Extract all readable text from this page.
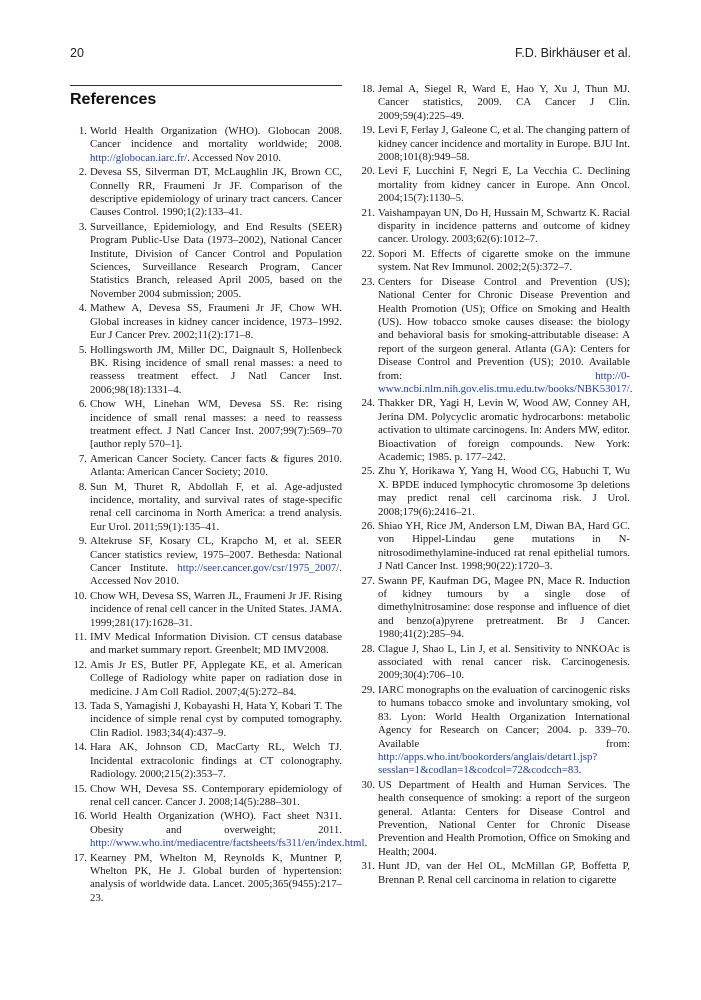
20	F.D. Birkhäuser et al.
References
1. World Health Organization (WHO). Globocan 2008. Cancer incidence and mortality worldwide; 2008. http://globocan.iarc.fr/. Accessed Nov 2010.
2. Devesa SS, Silverman DT, McLaughlin JK, Brown CC, Connelly RR, Fraumeni Jr JF. Comparison of the descriptive epidemiology of urinary tract cancers. Cancer Causes Control. 1990;1(2):133–41.
3. Surveillance, Epidemiology, and End Results (SEER) Program Public-Use Data (1973–2002), National Cancer Institute, Division of Cancer Control and Population Sciences, Surveillance Research Program, Cancer Statistics Branch, released April 2005, based on the November 2004 submission; 2005.
4. Mathew A, Devesa SS, Fraumeni Jr JF, Chow WH. Global increases in kidney cancer incidence, 1973–1992. Eur J Cancer Prev. 2002;11(2):171–8.
5. Hollingsworth JM, Miller DC, Daignault S, Hollenbeck BK. Rising incidence of small renal masses: a need to reassess treatment effect. J Natl Cancer Inst. 2006;98(18):1331–4.
6. Chow WH, Linehan WM, Devesa SS. Re: rising incidence of small renal masses: a need to reassess treatment effect. J Natl Cancer Inst. 2007;99(7):569–70 [author reply 570–1].
7. American Cancer Society. Cancer facts & figures 2010. Atlanta: American Cancer Society; 2010.
8. Sun M, Thuret R, Abdollah F, et al. Age-adjusted incidence, mortality, and survival rates of stage-specific renal cell carcinoma in North America: a trend analysis. Eur Urol. 2011;59(1):135–41.
9. Altekruse SF, Kosary CL, Krapcho M, et al. SEER Cancer statistics review, 1975–2007. Bethesda: National Cancer Institute. http://seer.cancer.gov/csr/1975_2007/. Accessed Nov 2010.
10. Chow WH, Devesa SS, Warren JL, Fraumeni Jr JF. Rising incidence of renal cell cancer in the United States. JAMA. 1999;281(17):1628–31.
11. IMV Medical Information Division. CT census database and market summary report. Greenbelt; MD IMV2008.
12. Amis Jr ES, Butler PF, Applegate KE, et al. American College of Radiology white paper on radiation dose in medicine. J Am Coll Radiol. 2007;4(5):272–84.
13. Tada S, Yamagishi J, Kobayashi H, Hata Y, Kobari T. The incidence of simple renal cyst by computed tomography. Clin Radiol. 1983;34(4):437–9.
14. Hara AK, Johnson CD, MacCarty RL, Welch TJ. Incidental extracolonic findings at CT colonography. Radiology. 2000;215(2):353–7.
15. Chow WH, Devesa SS. Contemporary epidemiology of renal cell cancer. Cancer J. 2008;14(5):288–301.
16. World Health Organization (WHO). Fact sheet N311. Obesity and overweight; 2011. http://www.who.int/mediacentre/factsheets/fs311/en/index.html.
17. Kearney PM, Whelton M, Reynolds K, Muntner P, Whelton PK, He J. Global burden of hypertension: analysis of worldwide data. Lancet. 2005;365(9455):217–23.
18. Jemal A, Siegel R, Ward E, Hao Y, Xu J, Thun MJ. Cancer statistics, 2009. CA Cancer J Clin. 2009;59(4):225–49.
19. Levi F, Ferlay J, Galeone C, et al. The changing pattern of kidney cancer incidence and mortality in Europe. BJU Int. 2008;101(8):949–58.
20. Levi F, Lucchini F, Negri E, La Vecchia C. Declining mortality from kidney cancer in Europe. Ann Oncol. 2004;15(7):1130–5.
21. Vaishampayan UN, Do H, Hussain M, Schwartz K. Racial disparity in incidence patterns and outcome of kidney cancer. Urology. 2003;62(6):1012–7.
22. Sopori M. Effects of cigarette smoke on the immune system. Nat Rev Immunol. 2002;2(5):372–7.
23. Centers for Disease Control and Prevention (US); National Center for Chronic Disease Prevention and Health Promotion (US); Office on Smoking and Health (US). How tobacco smoke causes disease: the biology and behavioral basis for smoking-attributable disease: A report of the surgeon general. Atlanta (GA): Centers for Disease Control and Prevention (US); 2010. Available from: http://0-www.ncbi.nlm.nih.gov.elis.tmu.edu.tw/books/NBK53017/.
24. Thakker DR, Yagi H, Levin W, Wood AW, Conney AH, Jerina DM. Polycyclic aromatic hydrocarbons: metabolic activation to ultimate carcinogens. In: Anders MW, editor. Bioactivation of foreign compounds. New York: Academic; 1985. p. 177–242.
25. Zhu Y, Horikawa Y, Yang H, Wood CG, Habuchi T, Wu X. BPDE induced lymphocytic chromosome 3p deletions may predict renal cell carcinoma risk. J Urol. 2008;179(6):2416–21.
26. Shiao YH, Rice JM, Anderson LM, Diwan BA, Hard GC. von Hippel-Lindau gene mutations in N-nitrosodimethylamine-induced rat renal epithelial tumors. J Natl Cancer Inst. 1998;90(22):1720–3.
27. Swann PF, Kaufman DG, Magee PN, Mace R. Induction of kidney tumours by a single dose of dimethylnitrosamine: dose response and influence of diet and benzo(a)pyrene pretreatment. Br J Cancer. 1980;41(2):285–94.
28. Clague J, Shao L, Lin J, et al. Sensitivity to NNKOAc is associated with renal cancer risk. Carcinogenesis. 2009;30(4):706–10.
29. IARC monographs on the evaluation of carcinogenic risks to humans tobacco smoke and involuntary smoking, vol 83. Lyon: World Health Organization International Agency for Research on Cancer; 2004. p. 339–70. Available from: http://apps.who.int/bookorders/anglais/detart1.jsp?sesslan=1&codlan=1&codcol=72&codcch=83.
30. US Department of Health and Human Services. The health consequence of smoking: a report of the surgeon general. Atlanta: Centers for Disease Control and Prevention, National Center for Chronic Disease Prevention and Health Promotion, Office on Smoking and Health; 2004.
31. Hunt JD, van der Hel OL, McMillan GP, Boffetta P, Brennan P. Renal cell carcinoma in relation to cigarette
